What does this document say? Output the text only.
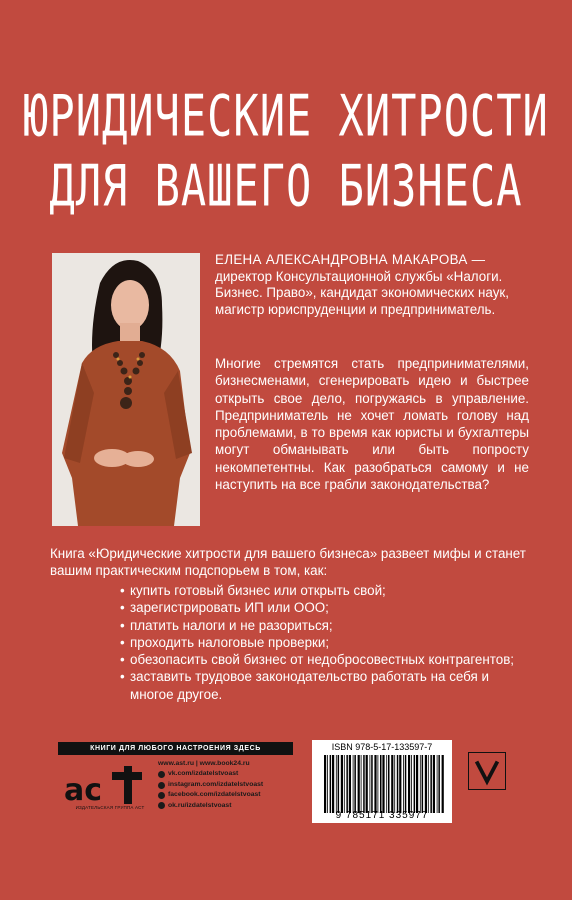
ЮРИДИЧЕСКИЕ ХИТРОСТИ
ДЛЯ ВАШЕГО БИЗНЕСА
ЕЛЕНА АЛЕКСАНДРОВНА МАКАРОВА —
директор Консультационной службы «Налоги. Бизнес. Право», кандидат экономических наук, магистр юриспруденции и предприниматель.
Многие стремятся стать предпринимателями, бизнесменами, сгенерировать идею и быстрее открыть свое дело, погружаясь в управление. Предприниматель не хочет ломать голову над проблемами, в то время как юристы и бухгалтеры могут обманывать или быть попросту некомпетентны. Как разобраться самому и не наступить на все грабли законодательства?
Книга «Юридические хитрости для вашего бизнеса» развеет мифы и станет вашим практическим подспорьем в том, как:
• купить готовый бизнес или открыть свой;
• зарегистрировать ИП или ООО;
• платить налоги и не разориться;
• проходить налоговые проверки;
• обезопасить свой бизнес от недобросовестных контрагентов;
• заставить трудовое законодательство работать на себя и многое другое.
КНИГИ ДЛЯ ЛЮБОГО НАСТРОЕНИЯ ЗДЕСЬ
ac
ИЗДАТЕЛЬСКАЯ ГРУППА АСТ
www.ast.ru | www.book24.ru
vk.com/izdatelstvoast
instagram.com/izdatelstvoast
facebook.com/izdatelstvoast
ok.ru/izdatelstvoast
ISBN 978-5-17-133597-7
9 785171 335977
